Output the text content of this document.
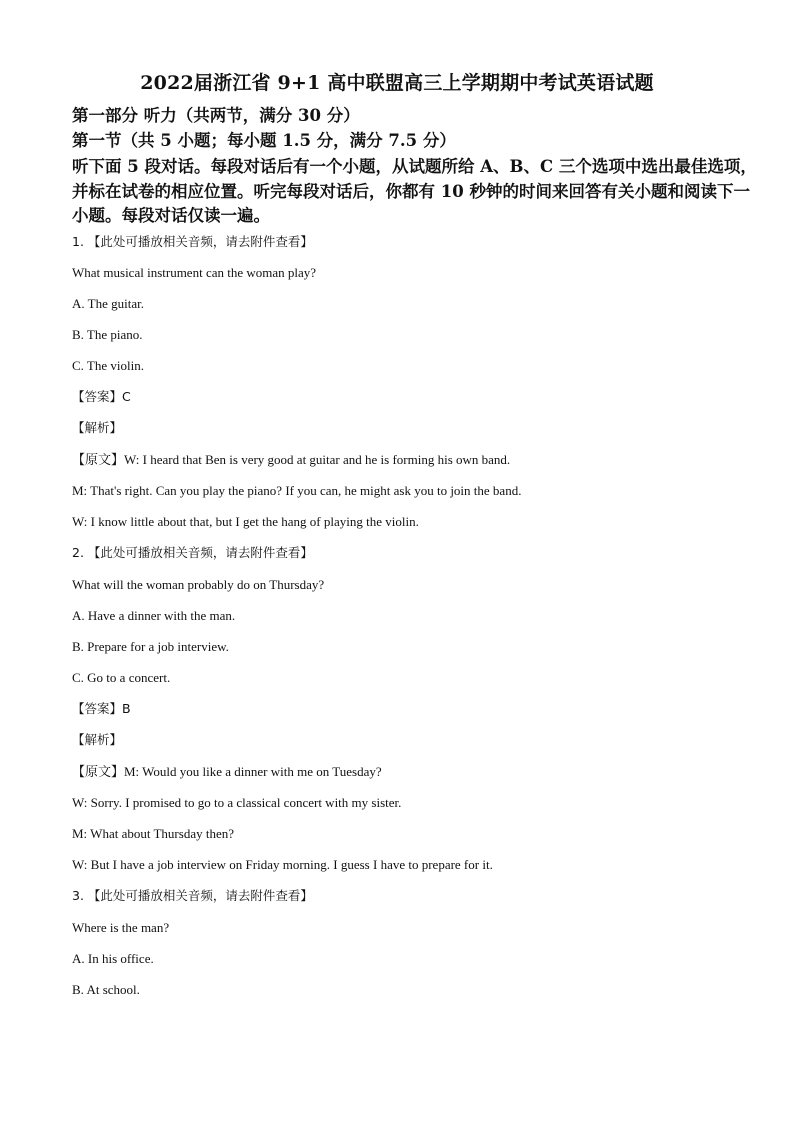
2022届浙江省 9+1 高中联盟高三上学期期中考试英语试题
第一部分 听力（共两节，满分 30 分）
第一节（共 5 小题；每小题 1.5 分，满分 7.5 分）
听下面 5 段对话。每段对话后有一个小题，从试题所给 A、B、C 三个选项中选出最佳选项，
并标在试卷的相应位置。听完每段对话后，你都有 10 秒钟的时间来回答有关小题和阅读下一
小题。每段对话仅读一遍。
1. 【此处可播放相关音频，请去附件查看】
What musical instrument can the woman play?
A. The guitar.
B. The piano.
C. The violin.
【答案】C
【解析】
【原文】W: I heard that Ben is very good at guitar and he is forming his own band.
M: That's right. Can you play the piano? If you can, he might ask you to join the band.
W: I know little about that, but I get the hang of playing the violin.
2. 【此处可播放相关音频，请去附件查看】
What will the woman probably do on Thursday?
A. Have a dinner with the man.
B. Prepare for a job interview.
C. Go to a concert.
【答案】B
【解析】
【原文】M: Would you like a dinner with me on Tuesday?
W: Sorry. I promised to go to a classical concert with my sister.
M: What about Thursday then?
W: But I have a job interview on Friday morning. I guess I have to prepare for it.
3. 【此处可播放相关音频，请去附件查看】
Where is the man?
A. In his office.
B. At school.
